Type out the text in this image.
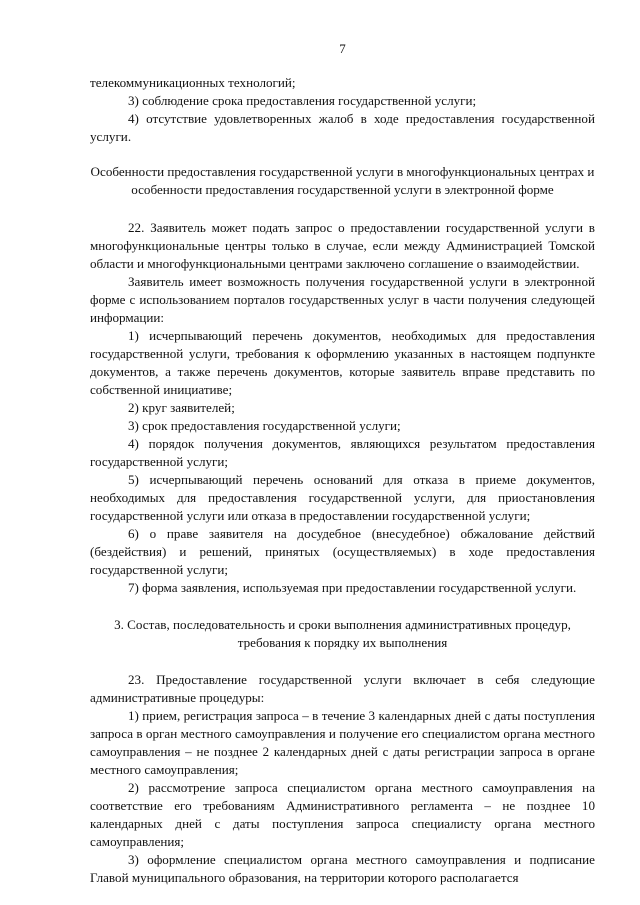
7
телекоммуникационных технологий;
3) соблюдение срока предоставления государственной услуги;
4) отсутствие удовлетворенных жалоб в ходе предоставления государственной услуги.

Особенности предоставления государственной услуги в многофункциональных центрах и особенности предоставления государственной услуги в электронной форме

22. Заявитель может подать запрос о предоставлении государственной услуги в многофункциональные центры только в случае, если между Администрацией Томской области и многофункциональными центрами заключено соглашение о взаимодействии.
Заявитель имеет возможность получения государственной услуги в электронной форме с использованием порталов государственных услуг в части получения следующей информации:
1) исчерпывающий перечень документов, необходимых для предоставления государственной услуги, требования к оформлению указанных в настоящем подпункте документов, а также перечень документов, которые заявитель вправе представить по собственной инициативе;
2) круг заявителей;
3) срок предоставления государственной услуги;
4) порядок получения документов, являющихся результатом предоставления государственной услуги;
5) исчерпывающий перечень оснований для отказа в приеме документов, необходимых для предоставления государственной услуги, для приостановления государственной услуги или отказа в предоставлении государственной услуги;
6) о праве заявителя на досудебное (внесудебное) обжалование действий (бездействия) и решений, принятых (осуществляемых) в ходе предоставления государственной услуги;
7) форма заявления, используемая при предоставлении государственной услуги.

3. Состав, последовательность и сроки выполнения административных процедур, требования к порядку их выполнения

23. Предоставление государственной услуги включает в себя следующие административные процедуры:
1) прием, регистрация запроса – в течение 3 календарных дней с даты поступления запроса в орган местного самоуправления и получение его специалистом органа местного самоуправления – не позднее 2 календарных дней с даты регистрации запроса в органе местного самоуправления;
2) рассмотрение запроса специалистом органа местного самоуправления на соответствие его требованиям Административного регламента – не позднее 10 календарных дней с даты поступления запроса специалисту органа местного самоуправления;
3) оформление специалистом органа местного самоуправления и подписание Главой муниципального образования, на территории которого располагается
